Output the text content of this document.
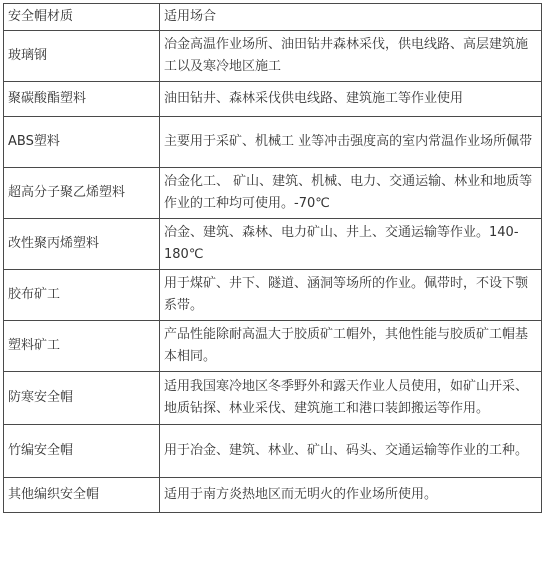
安全帽材质	适用场合
玻璃钢	冶金高温作业场所、油田钻井森林采伐，供电线路、高层建筑施工以及寒冷地区施工
聚碳酸酯塑料	油田钻井、森林采伐供电线路、建筑施工等作业使用
ABS塑料	主要用于采矿、机械工 业等冲击强度高的室内常温作业场所佩带
超高分子聚乙烯塑料	冶金化工、 矿山、建筑、机械、电力、交通运输、林业和地质等作业的工种均可使用。-70℃
改性聚丙烯塑料	冶金、建筑、森林、电力矿山、井上、交通运输等作业。140-180℃
胶布矿工	用于煤矿、井下、隧道、涵洞等场所的作业。佩带时，不设下颚系带。
塑料矿工	产品性能除耐高温大于胶质矿工帽外，其他性能与胶质矿工帽基本相同。
防寒安全帽	适用我国寒冷地区冬季野外和露天作业人员使用，如矿山开采、地质钻探、林业采伐、建筑施工和港口装卸搬运等作用。
竹编安全帽	用于冶金、建筑、林业、矿山、码头、交通运输等作业的工种。
其他编织安全帽	适用于南方炎热地区而无明火的作业场所使用。
